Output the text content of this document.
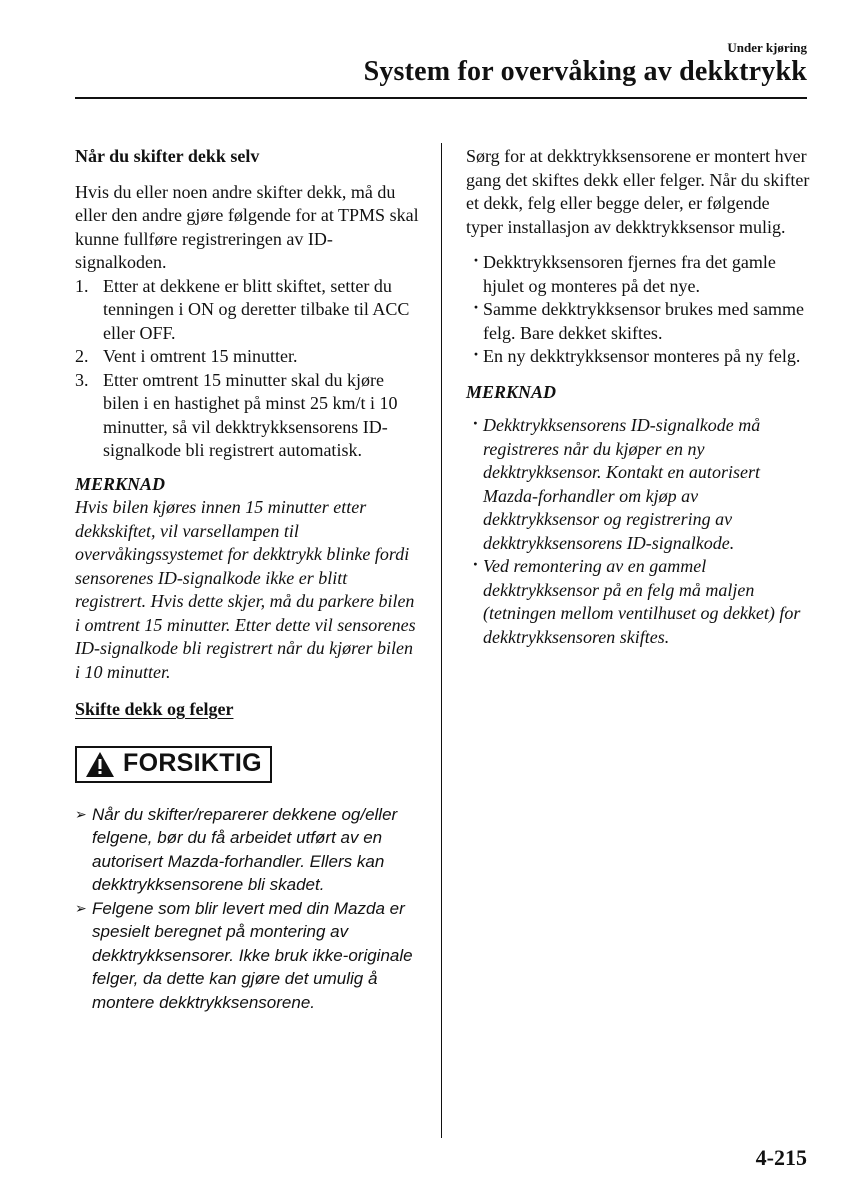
Under kjøring
System for overvåking av dekktrykk

Når du skifter dekk selv

Hvis du eller noen andre skifter dekk, må du eller den andre gjøre følgende for at TPMS skal kunne fullføre registreringen av ID-signalkoden.

1. Etter at dekkene er blitt skiftet, setter du tenningen i ON og deretter tilbake til ACC eller OFF.
2. Vent i omtrent 15 minutter.
3. Etter omtrent 15 minutter skal du kjøre bilen i en hastighet på minst 25 km/t i 10 minutter, så vil dekktrykksensorens ID-signalkode bli registrert automatisk.

MERKNAD

Hvis bilen kjøres innen 15 minutter etter dekkskiftet, vil varsellampen til overvåkingssystemet for dekktrykk blinke fordi sensorenes ID-signalkode ikke er blitt registrert. Hvis dette skjer, må du parkere bilen i omtrent 15 minutter. Etter dette vil sensorenes ID-signalkode bli registrert når du kjører bilen i 10 minutter.

Skifte dekk og felger

FORSIKTIG
➢ Når du skifter/reparerer dekkene og/eller felgene, bør du få arbeidet utført av en autorisert Mazda-forhandler. Ellers kan dekktrykksensorene bli skadet.
➢ Felgene som blir levert med din Mazda er spesielt beregnet på montering av dekktrykksensorer. Ikke bruk ikke-originale felger, da dette kan gjøre det umulig å montere dekktrykksensorene.

Sørg for at dekktrykksensorene er montert hver gang det skiftes dekk eller felger. Når du skifter et dekk, felg eller begge deler, er følgende typer installasjon av dekktrykksensor mulig.

· Dekktrykksensoren fjernes fra det gamle hjulet og monteres på det nye.
· Samme dekktrykksensor brukes med samme felg. Bare dekket skiftes.
· En ny dekktrykksensor monteres på ny felg.

MERKNAD

· Dekktrykksensorens ID-signalkode må registreres når du kjøper en ny dekktrykksensor. Kontakt en autorisert Mazda-forhandler om kjøp av dekktrykksensor og registrering av dekktrykksensorens ID-signalkode.
· Ved remontering av en gammel dekktrykksensor på en felg må maljen (tetningen mellom ventilhuset og dekket) for dekktrykksensoren skiftes.
4-215
